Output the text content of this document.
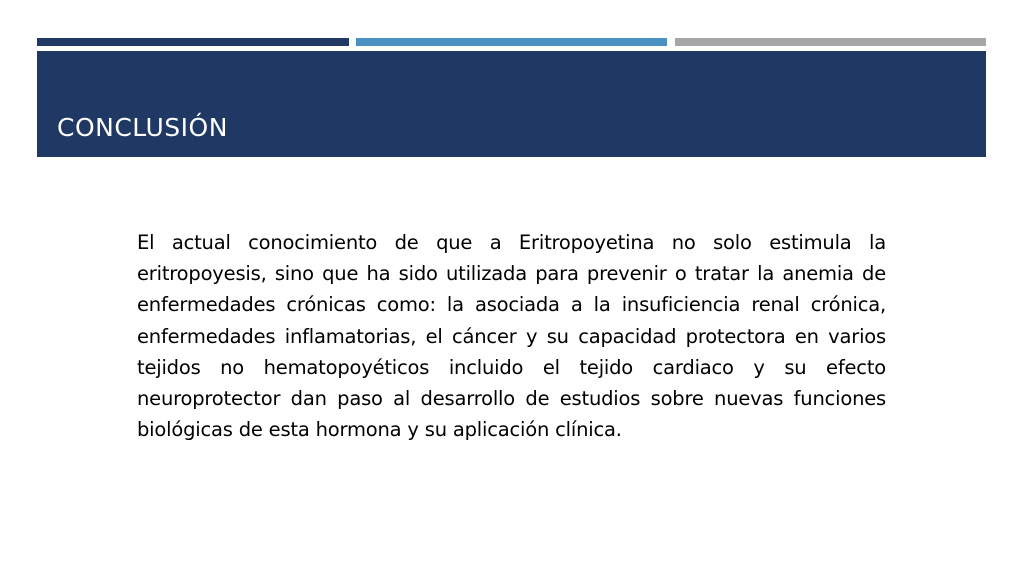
CONCLUSIÓN

El actual conocimiento de que a Eritropoyetina no solo estimula la eritropoyesis, sino que ha sido utilizada para prevenir o tratar la anemia de enfermedades crónicas como: la asociada a la insuficiencia renal crónica, enfermedades inflamatorias, el cáncer y su capacidad protectora en varios tejidos no hematopoyéticos incluido el tejido cardiaco y su efecto neuroprotector dan paso al desarrollo de estudios sobre nuevas funciones biológicas de esta hormona y su aplicación clínica.
